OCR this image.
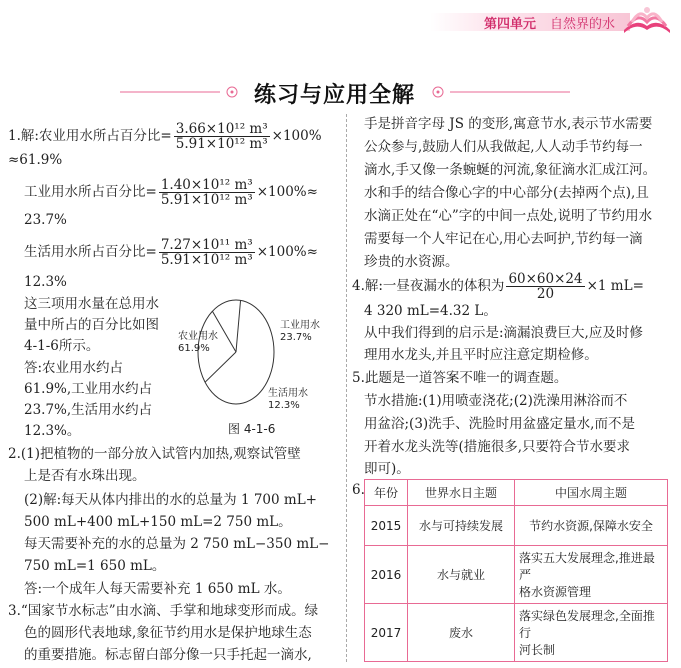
第四单元 自然界的水
练习与应用全解
1.解:农业用水所占百分比= $\frac{\text{3.66×10¹² m³}}{\text{5.91×10¹² m³}} \times 100\%$
≈61.9%
工业用水所占百分比= $\frac{\text{1.40×10¹² m³}}{\text{5.91×10¹² m³}} \times 100\%\approx$
23.7%
生活用水所占百分比= $\frac{\text{7.27×10¹¹ m³}}{\text{5.91×10¹² m³}} \times 100\%\approx$
12.3%
这三项用水量在总用水
量中所占的百分比如图
4-1-6所示。
答:农业用水约占
61.9%,工业用水约占
23.7%,生活用水约占
12.3%。
农业用水
61.9%
工业用水
23.7%
生活用水
12.3%
图 4-1-6
2.(1)把植物的一部分放入试管内加热,观察试管壁
上是否有水珠出现。
(2)解:每天从体内排出的水的总量为 1 700 mL+
500 mL+400 mL+150 mL=2 750 mL。
每天需要补充的水的总量为 2 750 mL−350 mL−
750 mL=1 650 mL。
答:一个成年人每天需要补充 1 650 mL 水。
3.“国家节水标志”由水滴、手掌和地球变形而成。绿
色的圆形代表地球,象征节约用水是保护地球生态
的重要措施。标志留白部分像一只手托起一滴水,
手是拼音字母 JS 的变形,寓意节水,表示节水需要
公众参与,鼓励人们从我做起,人人动手节约每一
滴水,手又像一条蜿蜒的河流,象征滴水汇成江河。
水和手的结合像心字的中心部分(去掉两个点),且
水滴正处在“心”字的中间一点处,说明了节约用水
需要每一个人牢记在心,用心去呵护,节约每一滴
珍贵的水资源。
4.解:一昼夜漏水的体积为 $\frac{60\times 60\times 24}{20} \times 1$ mL=
4 320 mL=4.32 L。
从中我们得到的启示是:滴漏浪费巨大,应及时修
理用水龙头,并且平时应注意定期检修。
5.此题是一道答案不唯一的调查题。
节水措施:(1)用喷壶浇花;(2)洗澡用淋浴而不
用盆浴;(3)洗手、洗脸时用盆盛定量水,而不是
开着水龙头洗等(措施很多,只要符合节水要求
即可)。
6. 年份	世界水日主题	中国水周主题
2015	水与可持续发展	节约水资源,保障水安全
2016	水与就业	落实五大发展理念,推进最严
格水资源管理
2017	废水	落实绿色发展理念,全面推行
河长制
